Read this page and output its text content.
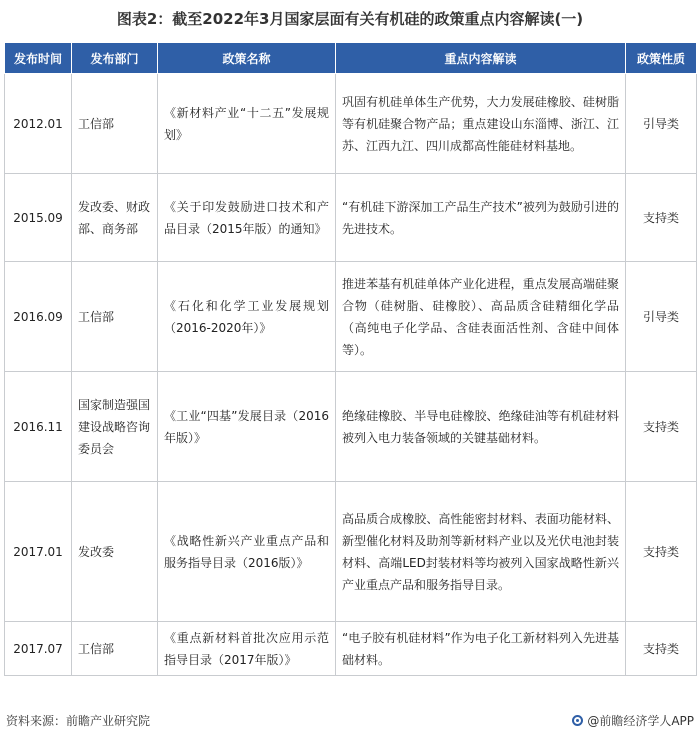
图表2：截至2022年3月国家层面有关有机硅的政策重点内容解读(一)
发布时间	发布部门	政策名称	重点内容解读	政策性质
2012.01	工信部	《新材料产业“十二五”发展规划》	巩固有机硅单体生产优势，大力发展硅橡胶、硅树脂等有机硅聚合物产品；重点建设山东淄博、浙江、江苏、江西九江、四川成都高性能硅材料基地。	引导类
2015.09	发改委、财政部、商务部	《关于印发鼓励进口技术和产品目录（2015年版）的通知》	“有机硅下游深加工产品生产技术”被列为鼓励引进的先进技术。	支持类
2016.09	工信部	《石化和化学工业发展规划（2016-2020年）》	推进苯基有机硅单体产业化进程，重点发展高端硅聚合物（硅树脂、硅橡胶）、高品质含硅精细化学品（高纯电子化学品、含硅表面活性剂、含硅中间体等）。	引导类
2016.11	国家制造强国建设战略咨询委员会	《工业“四基”发展目录（2016年版）》	绝缘硅橡胶、半导电硅橡胶、绝缘硅油等有机硅材料被列入电力装备领域的关键基础材料。	支持类
2017.01	发改委	《战略性新兴产业重点产品和服务指导目录（2016版）》	高品质合成橡胶、高性能密封材料、表面功能材料、新型催化材料及助剂等新材料产业以及光伏电池封装材料、高端LED封装材料等均被列入国家战略性新兴产业重点产品和服务指导目录。	支持类
2017.07	工信部	《重点新材料首批次应用示范指导目录（2017年版）》	“电子胶有机硅材料”作为电子化工新材料列入先进基础材料。	支持类
资料来源：前瞻产业研究院	@前瞻经济学人APP
